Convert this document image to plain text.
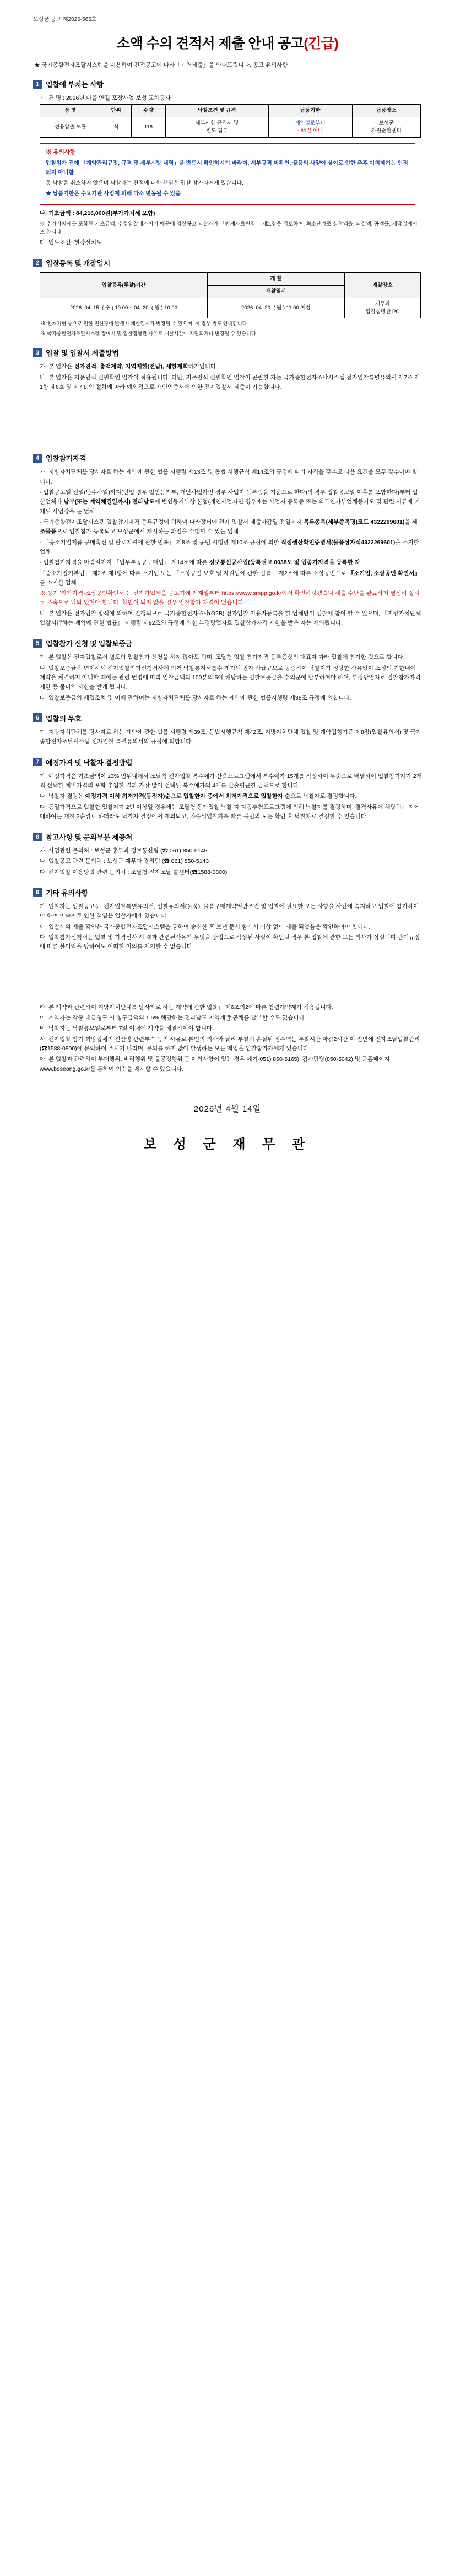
보성군 공고 제2026-565호
소액 수의 견적서 제출 안내 공고(긴급)
★ 국가종합전자조달시스템을 이용하여 견적공고에 따라「가격제출」을 안내드립니다. 공고 유의사항
1 입찰에 부치는 사항

가. 건 명 : 2026년 마을 안길 포장사업 보성 교체공사

품 명	단위	수량	낙찰조건 및 규격	납품기한	납품장소
전용압출 모듈	식	116	세부사항 규격서 및
별도 첨부	계약일로부터
~60일 이내	보성군
자원순환센터
※ 유의사항
입찰참가 전에 「계약관리규정, 규격 및 세부시방 내역」을 반드시 확인하시기 바라며, 세부규격 미확인, 물품의 사양이 상이로 인한 추후 이의제기는 인정되지 아니함
동 낙찰을 취소하지 않으며 낙찰자는 견적에 대한 책임은 입찰 참가자에게 있습니다.
★ 납품기한은 수요기관 사정에 의해 다소 변동될 수 있음

나. 기초금액 : 84,216,000원(부가가치세 포함)

※ 추가가치세를 포함한 기초금액, 추정입찰대가이기 때문에 입찰공고 낙찰자가 「변계자료원칙」 제2.장을 검토하여, 최소단가로 실정액을, 의결액, 공액률, 제작일계시 조 참시다.

다. 입도조건: 현장설치도

2 입찰등록 및 개찰일시
입찰등록(투찰)기간	개 찰	개찰장소
	개찰일시	
2026. 04. 15. ( 수 ) 10:00 ~ 04. 20. ( 월 ) 10:00	2026. 04. 20. ( 월 ) 11:00 예정	재무과
입찰집행관 PC
※ 천재지변 등으로 인한 전산장애 발생시 개찰일시가 변경될 수 있으며, 이 경우 별도 안내합니다.
※ 국가종합전자조달시스템 장애시 및 입찰집행관 사유로 개찰시간이 지연되거나 변경될 수 있습니다.
3 입찰 및 입찰서 제출방법

가. 본 입찰은 전자견적, 총액계약, 지역제한(전남), 세한제회하기입니다.

나. 본 입찰은 지문인식 신원확인 입찰이 적용됩니다. 다만, 지문인식 신원확인 입찰이 곤란한 자는 국가종합전자조달시스템 전자입찰특별유의서 제7조 제1항 제6호 및 제7.8.의 절차에 따라 예외적으로 개인인증서에 의한 전자입찰서 제출이 가능합니다.

4 입찰참가자격

가. 지방자치단체를 당사자로 하는 계약에 관한 법률 시행령 제13조 및 동법 시행규칙 제14조의 규정에 따라 자격을 갖추고 다음 요건을 모두 갖추어야 합니다.

- 입찰공고일 전일(단수사일)까지(인입 경우 법인등기부, 개인사업자인 경우 사업자 등록증을 기준으로 한다)의 경우 입찰공고일 이후를 포함한다)부터 입찰업체가 남부(또는 계약체결일까지) 전라남도에 법인등기부상 본점(개인사업자인 경우에는 사업자 등록증 또는 의무인가부업체등기도 및 관련 서류에 기재된 사업장을 둔 업체

- 국가종합전자조달시스템 입찰참가자격 등록규정에 의하여 나라장터에 전자 입찰서 제출마감일 전일까지 목록종목(세부종목명)코드 4322269601)을 제조물품으로 입찰참가 등록되고 보성군에서 제시하는 과업을 수행할 수 있는 업체

- 「중소기업제품 구매촉진 및 판로지원에 관한 법률」 제8조 및 동법 시행령 제10조 규정에 의한 직접생산확인증명서(물품상자식4322269601)을 소지한 업체

- 입찰참가자격을 마감일까지 「법무부공공구매법」 제14조에 따른 정보통신공사업(등록권고 0038도 및 업종가자격을 등록한 자

「중소기업기본법」 제2조 제1항에 따른 소기업 또는 「소상공인 보호 및 지원법에 관한 법률」 제2조에 따른 소상공인으로 『소기업, 소상공인 확인서』를 소지한 업체

※ 상기 '참가자격·소상공인확인서 는 전자가입제출 공고기에 게재일부터 https://www.smpp.go.kr에서 확인하시겠습니 세출 수단을 완료하지 열심히 실시로 조속으로 나와 있어야 합니다. 확인이 되지 않을 경우 입찰참가 자격이 없습니다.

나. 본 입찰은 전자입찰 방식에 의하여 진행되므로 국가종합전자조달(G2B) 전자입찰 이용자등록을 한 업체만이 입찰에 참여 할 수 있으며, 『지방자치단체 입찰시行하는 계약에 관한 법률』 시행령 제92조의 규정에 의한 부정당업자로 입찰참가자격 제한을 받은 자는 제외됩니다.

5 입찰참가 신청 및 입찰보증금

가. 본 입찰은 전자입찰로서 별도의 입찰참가 신청을 하지 않아도 되며, 조달청 입찰 참가자격 등록증상의 대표자 따라 입찰에 참가한 것으로 합니다.

나. 입찰보증금은 면제하되 전자입찰참가신청서사에 의거 낙찰통지서를수 게기되 권자 사급규모로 공증하여 낙찰자가 정당한 사유없이 소정의 기한내에 계약을 체결하지 아니할 때에는 관련 법령에 따라 입찰금액의 100분의 5에 해당하는 입찰보증금을 수의군에 납부하여야 하며, 부정당업자로 입찰참가자격 제한 등 불이익 제한을 받게 됩니다.

다. 입찰보증금의 세입조치 및 이에 관하여는 지방자치단체를 당사자로 하는 계약에 관한 법률시행령 제38조 규정에 의합니다.

6 입찰의 무효

가. 지방자치단체를 당사자로 하는 계약에 관한 법률 시행령 제39조, 동법시행규칙 제42조, 지방자치단체 입찰 및 계약집행기준 제8장(입찰유의서) 및 국가종합전자조달시스템 전자입찰 특별유의서의 규정에 의합니다.

7 예정가격 및 낙찰자 결정방법

가. 예정가격은 기초금액이 ±3% 범위내에서 조달청 전자입찰 복수예가 산출프로그램에서 복수예가 15개를 작성하여 무순으로 배열하여 입찰참가자가 2개씩 선택한 예비가격의 포함 추첨한 결과 가장 많이 선택된 복수예가의 4개를 산술평균한 금액으로 합니다.

나. 낙찰자 결정은 예정가격 이하 최저가격(동점자)순으로 입찰한자 중에서 최저가격으로 입찰한자 순으로 낙찰자로 결정합니다.

다. 동일가격으로 입찰한 입찰자가 2인 이상일 경우에는 조달청 동가입찰 낙찰 자 자동추첨프로그램에 의해 낙찰자를 결정하며, 결격사유에 해당되는 자에 대하여는 개찰 2순위로 하더라도 낙찰자 결정에서 제외되고, 차순위입찰자를 따른 불법의 모든 확인 후 낙찰자로 결정할 수 있습니다.

8 참고사항 및 문의부분 제공처

가. 사업관련 문의처 : 보성군 총무과 정보통신팀 (☎ 061) 850-5145

나. 입찰공고 관련 문의처 : 보성군 재무과 경리팀 (☎ 061) 850-5143

다. 전자입찰 이용방법 관련 문의처 : 조달청 전자조달 콜센터(☎1588-0800)

9 기타 유의사항

가. 입찰자는 입찰공고문, 전자입찰특별유의서, 입찰유의서(물품), 물품구매계약일반조건 및 입찰에 필요한 모든 사항을 사전에 숙지하고 입찰에 참가하여야 하며 미숙지로 인한 책임은 입찰자에게 있습니다.

나. 입찰서의 제출 확인은 국가종합전자조달시스템을 통하여 송신한 후 보낸 문서 함에서 이상 없이 제출 되었음을 확인하여야 합니다.

다. 입찰참가신청서는 입찰 및 가격신사 시 결과 관련된사유가 무엇을 방법으로 작성된 사실이 확인될 경우 본 입찰에 관한 모든 의사가 상실되며 관계규정에 따른 불이익을 당하여도 어떠한 이의를 제기할 수 없습니다.

라. 본 계약과 관련하여 지방자치단체를 당사자로 하는 계약에 관한 법률」 제6조의2에 따른 청렴계약제가 적용됩니다.

마. 계약자는 각종 대금청구 시 청구금액의 1.5% 해당하는 전라남도 지역개발 공채를 납부할 수도 있습니다.

바. 낙찰자는 낙찰통보일로부터 7일 이내에 계약을 체결하여야 합니다.

사. 전자입찰 참가 희망업체의 전산망 관련부속 등의 사유로 본인의 의사와 달리 투찰시 손실된 정수액는 투찰시간 마감2시간 이 전면에 전자조달입찰관리(☎1588-0800)에 문의하여 주시기 바라며, 문의를 하지 않아 발생하는 모든 책임은 입찰참가자에게 있습니다.

아. 본 입찰과 관련하여 부패행위, 비리행위 및 불공정행위 등 이의사항이 있는 경우 예기-051) 850-5165), 감사담당(850-5042) 및 군홈페이지 www.boseong.go.kr를 통하여 의견을 제시할 수 있습니다.

2026년 4월 14일
보 성 군 재 무 관
